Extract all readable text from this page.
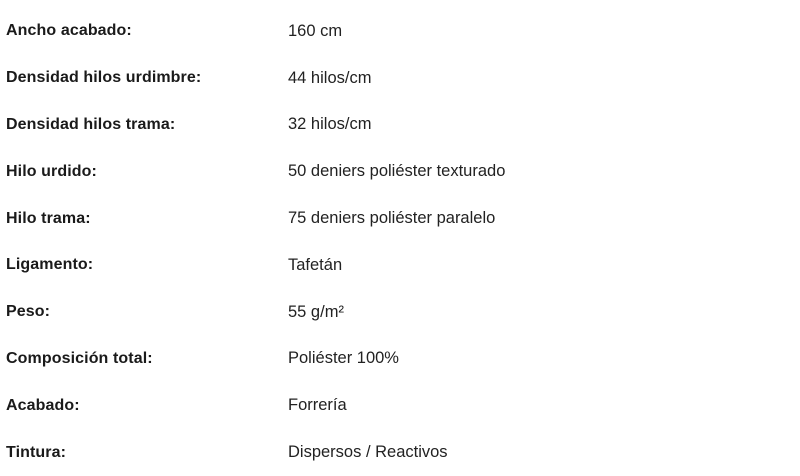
Ancho acabado:	160 cm
Densidad hilos urdimbre:	44 hilos/cm
Densidad hilos trama:	32 hilos/cm
Hilo urdido:	50 deniers poliéster texturado
Hilo trama:	75 deniers poliéster paralelo
Ligamento:	Tafetán
Peso:	55 g/m²
Composición total:	Poliéster 100%
Acabado:	Forrería
Tintura:	Dispersos / Reactivos
